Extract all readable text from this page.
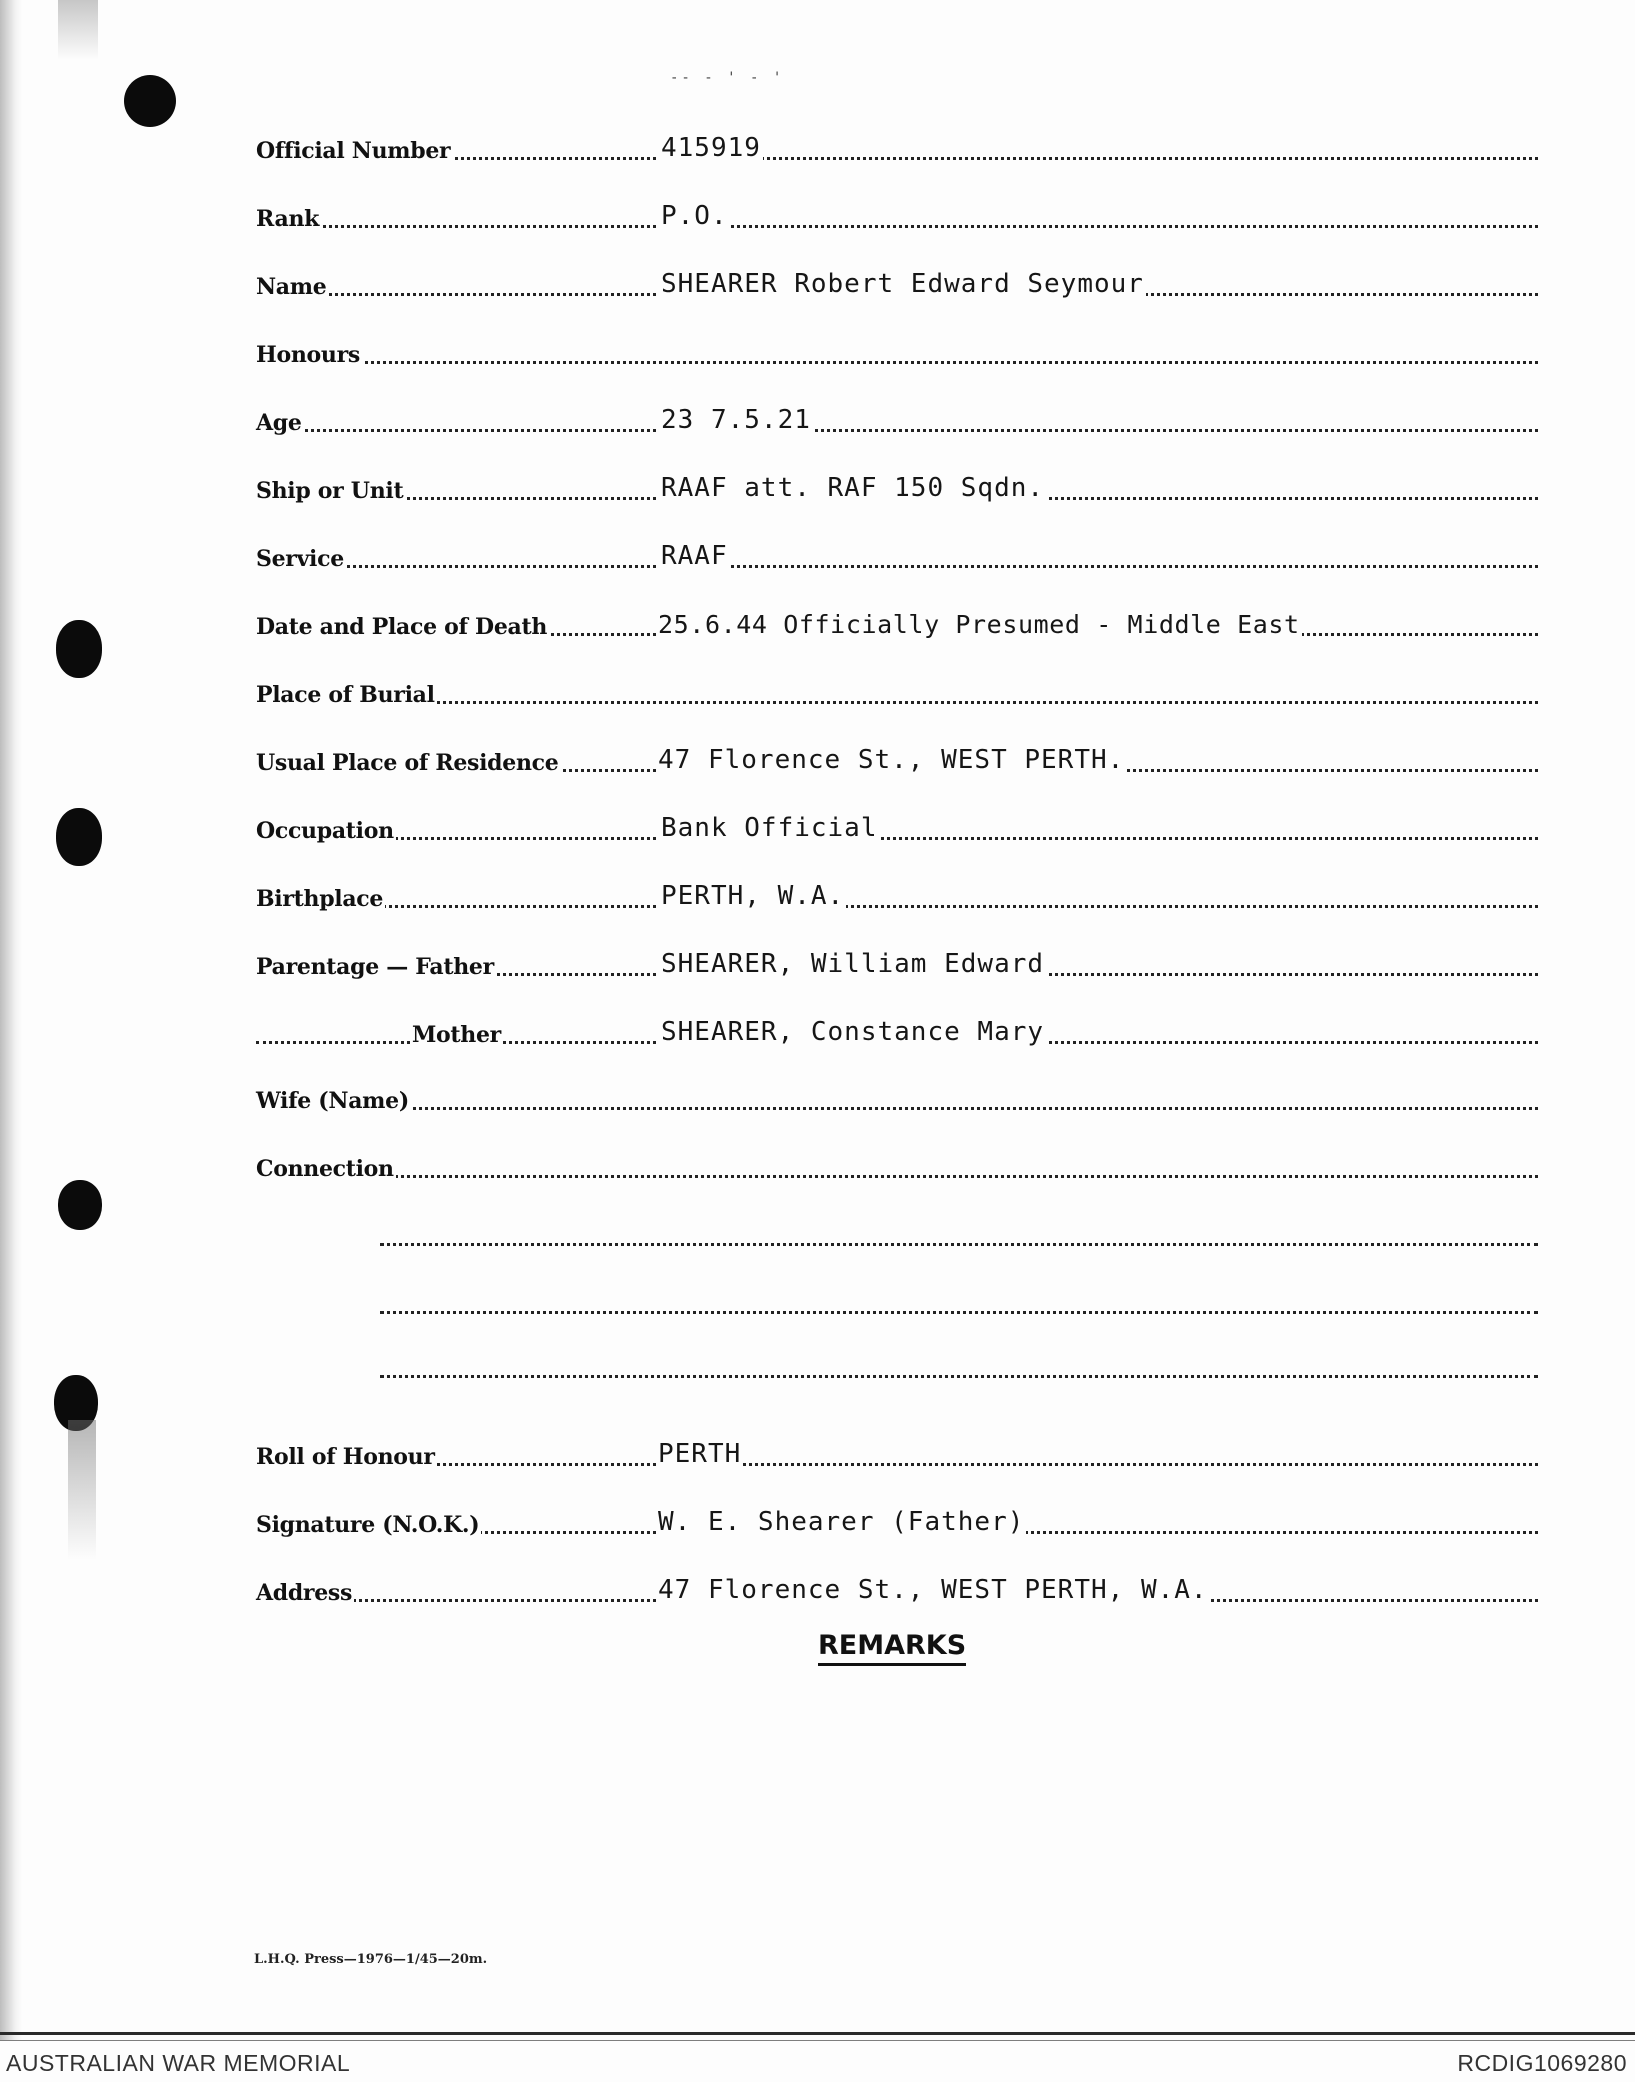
-- - ' - '
Official Number	415919
Rank	P.O.
Name	SHEARER Robert Edward Seymour
Honours
Age	23 7.5.21
Ship or Unit	RAAF att. RAF 150 Sqdn.
Service	RAAF
Date and Place of Death	25.6.44 Officially Presumed - Middle East
Place of Burial
Usual Place of Residence	47 Florence St., WEST PERTH.
Occupation	Bank Official
Birthplace	PERTH, W.A.
Parentage — Father	SHEARER, William Edward
Mother	SHEARER, Constance Mary
Wife (Name)
Connection
Roll of Honour	PERTH
Signature (N.O.K.)	W. E. Shearer (Father)
Address	47 Florence St., WEST PERTH, W.A.
REMARKS
L.H.Q. Press—1976—1/45—20m.
AUSTRALIAN WAR MEMORIAL	RCDIG1069280
